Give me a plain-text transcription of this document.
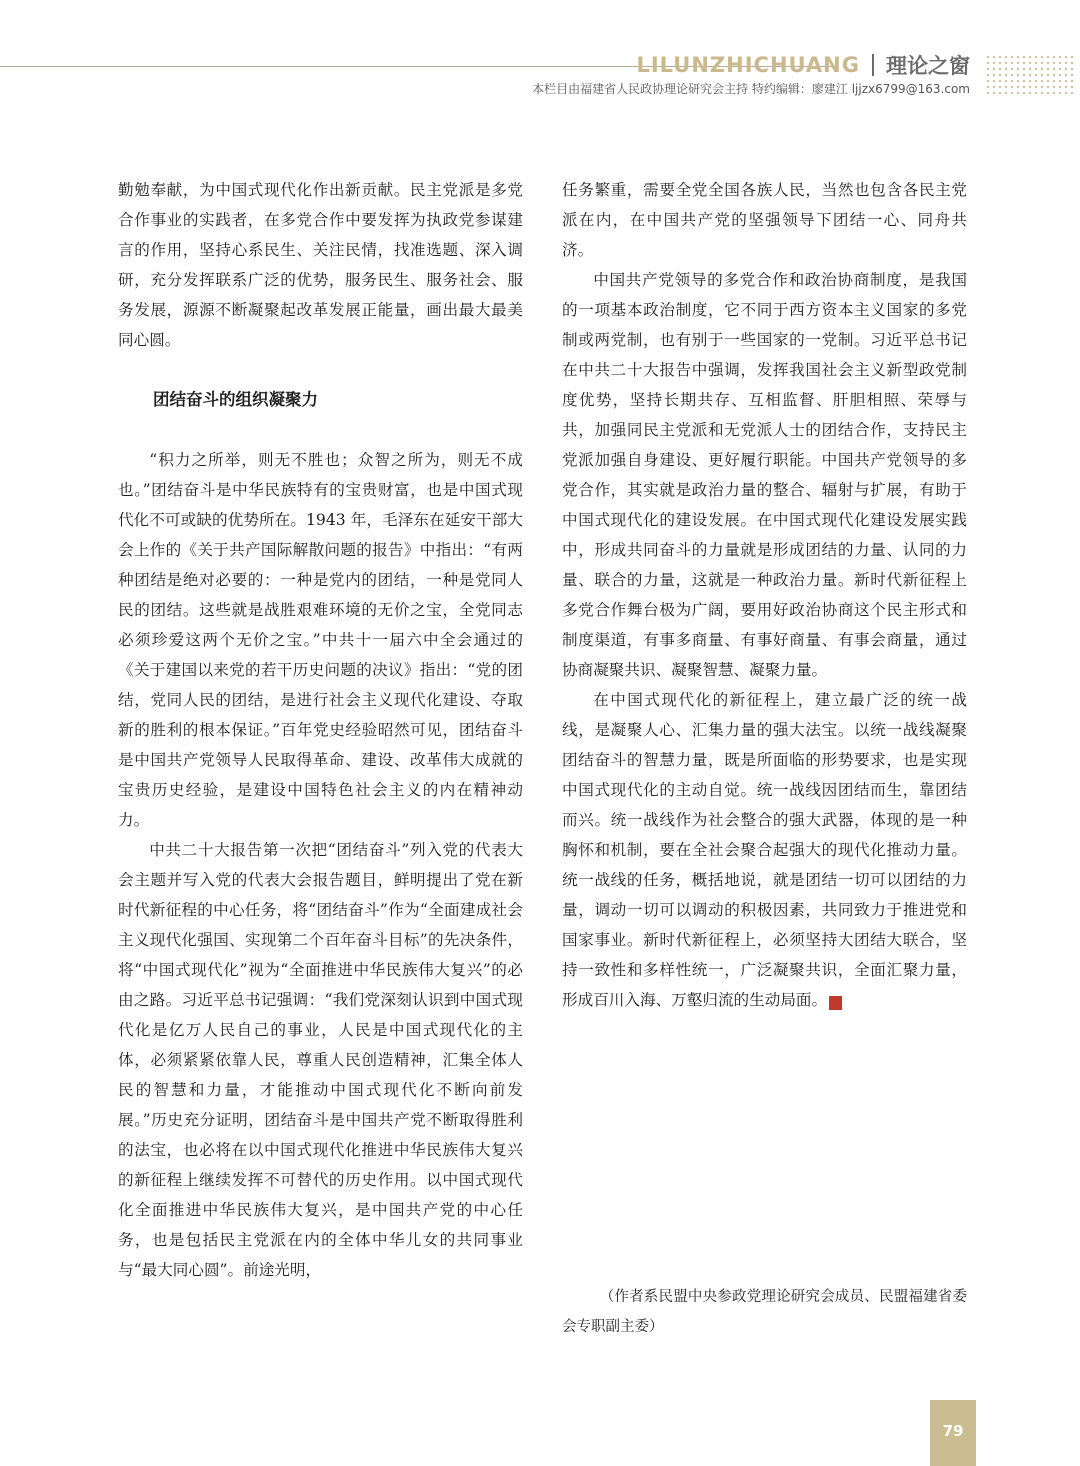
LILUNZHICHUANG 理论之窗
本栏目由福建省人民政协理论研究会主持 特约编辑：廖建江 ljjzx6799@163.com

勤勉奉献，为中国式现代化作出新贡献。民主党派是多党合作事业的实践者，在多党合作中要发挥为执政党参谋建言的作用，坚持心系民生、关注民情，找准选题、深入调研，充分发挥联系广泛的优势，服务民生、服务社会、服务发展，源源不断凝聚起改革发展正能量，画出最大最美同心圆。

团结奋斗的组织凝聚力

“积力之所举，则无不胜也；众智之所为，则无不成也。”团结奋斗是中华民族特有的宝贵财富，也是中国式现代化不可或缺的优势所在。1943 年，毛泽东在延安干部大会上作的《关于共产国际解散问题的报告》中指出：“有两种团结是绝对必要的：一种是党内的团结，一种是党同人民的团结。这些就是战胜艰难环境的无价之宝，全党同志必须珍爱这两个无价之宝。”中共十一届六中全会通过的《关于建国以来党的若干历史问题的决议》指出：“党的团结，党同人民的团结，是进行社会主义现代化建设、夺取新的胜利的根本保证。”百年党史经验昭然可见，团结奋斗是中国共产党领导人民取得革命、建设、改革伟大成就的宝贵历史经验，是建设中国特色社会主义的内在精神动力。

中共二十大报告第一次把“团结奋斗”列入党的代表大会主题并写入党的代表大会报告题目，鲜明提出了党在新时代新征程的中心任务，将“团结奋斗”作为“全面建成社会主义现代化强国、实现第二个百年奋斗目标”的先决条件，将“中国式现代化”视为“全面推进中华民族伟大复兴”的必由之路。习近平总书记强调：“我们党深刻认识到中国式现代化是亿万人民自己的事业，人民是中国式现代化的主体，必须紧紧依靠人民，尊重人民创造精神，汇集全体人民的智慧和力量，才能推动中国式现代化不断向前发展。”历史充分证明，团结奋斗是中国共产党不断取得胜利的法宝，也必将在以中国式现代化推进中华民族伟大复兴的新征程上继续发挥不可替代的历史作用。以中国式现代化全面推进中华民族伟大复兴，是中国共产党的中心任务，也是包括民主党派在内的全体中华儿女的共同事业与“最大同心圆”。前途光明，

任务繁重，需要全党全国各族人民，当然也包含各民主党派在内，在中国共产党的坚强领导下团结一心、同舟共济。

中国共产党领导的多党合作和政治协商制度，是我国的一项基本政治制度，它不同于西方资本主义国家的多党制或两党制，也有别于一些国家的一党制。习近平总书记在中共二十大报告中强调，发挥我国社会主义新型政党制度优势，坚持长期共存、互相监督、肝胆相照、荣辱与共，加强同民主党派和无党派人士的团结合作，支持民主党派加强自身建设、更好履行职能。中国共产党领导的多党合作，其实就是政治力量的整合、辐射与扩展，有助于中国式现代化的建设发展。在中国式现代化建设发展实践中，形成共同奋斗的力量就是形成团结的力量、认同的力量、联合的力量，这就是一种政治力量。新时代新征程上多党合作舞台极为广阔，要用好政治协商这个民主形式和制度渠道，有事多商量、有事好商量、有事会商量，通过协商凝聚共识、凝聚智慧、凝聚力量。

在中国式现代化的新征程上，建立最广泛的统一战线，是凝聚人心、汇集力量的强大法宝。以统一战线凝聚团结奋斗的智慧力量，既是所面临的形势要求，也是实现中国式现代化的主动自觉。统一战线因团结而生，靠团结而兴。统一战线作为社会整合的强大武器，体现的是一种胸怀和机制，要在全社会聚合起强大的现代化推动力量。统一战线的任务，概括地说，就是团结一切可以团结的力量，调动一切可以调动的积极因素，共同致力于推进党和国家事业。新时代新征程上，必须坚持大团结大联合，坚持一致性和多样性统一，广泛凝聚共识，全面汇聚力量，形成百川入海、万壑归流的生动局面。	Z

（作者系民盟中央参政党理论研究会成员、民盟福建省委会专职副主委）

79
